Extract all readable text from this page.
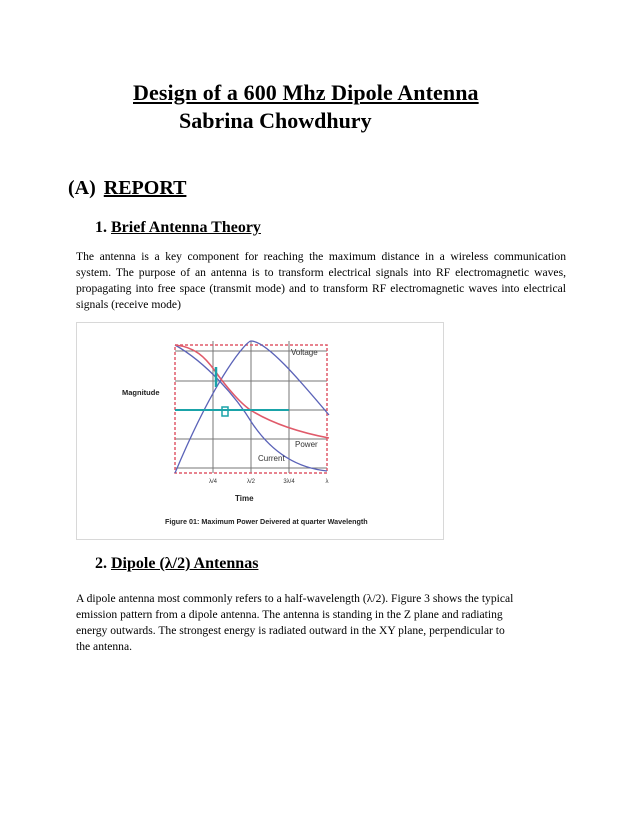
Design of a 600 Mhz Dipole Antenna
Sabrina Chowdhury
(A) REPORT
1. Brief Antenna Theory
The antenna is a key component for reaching the maximum distance in a wireless communication system. The purpose of an antenna is to transform electrical signals into RF electromagnetic waves, propagating into free space (transmit mode) and to transform RF electromagnetic waves into electrical signals (receive mode)
Voltage
Power
Current
Magnitude
λ/4	λ/2	3λ/4	λ
Time
Figure 01: Maximum Power Deivered at quarter Wavelength
2. Dipole (λ/2) Antennas
A dipole antenna most commonly refers to a half-wavelength (λ/2). Figure 3 shows the typical emission pattern from a dipole antenna. The antenna is standing in the Z plane and radiating energy outwards. The strongest energy is radiated outward in the XY plane, perpendicular to the antenna.
